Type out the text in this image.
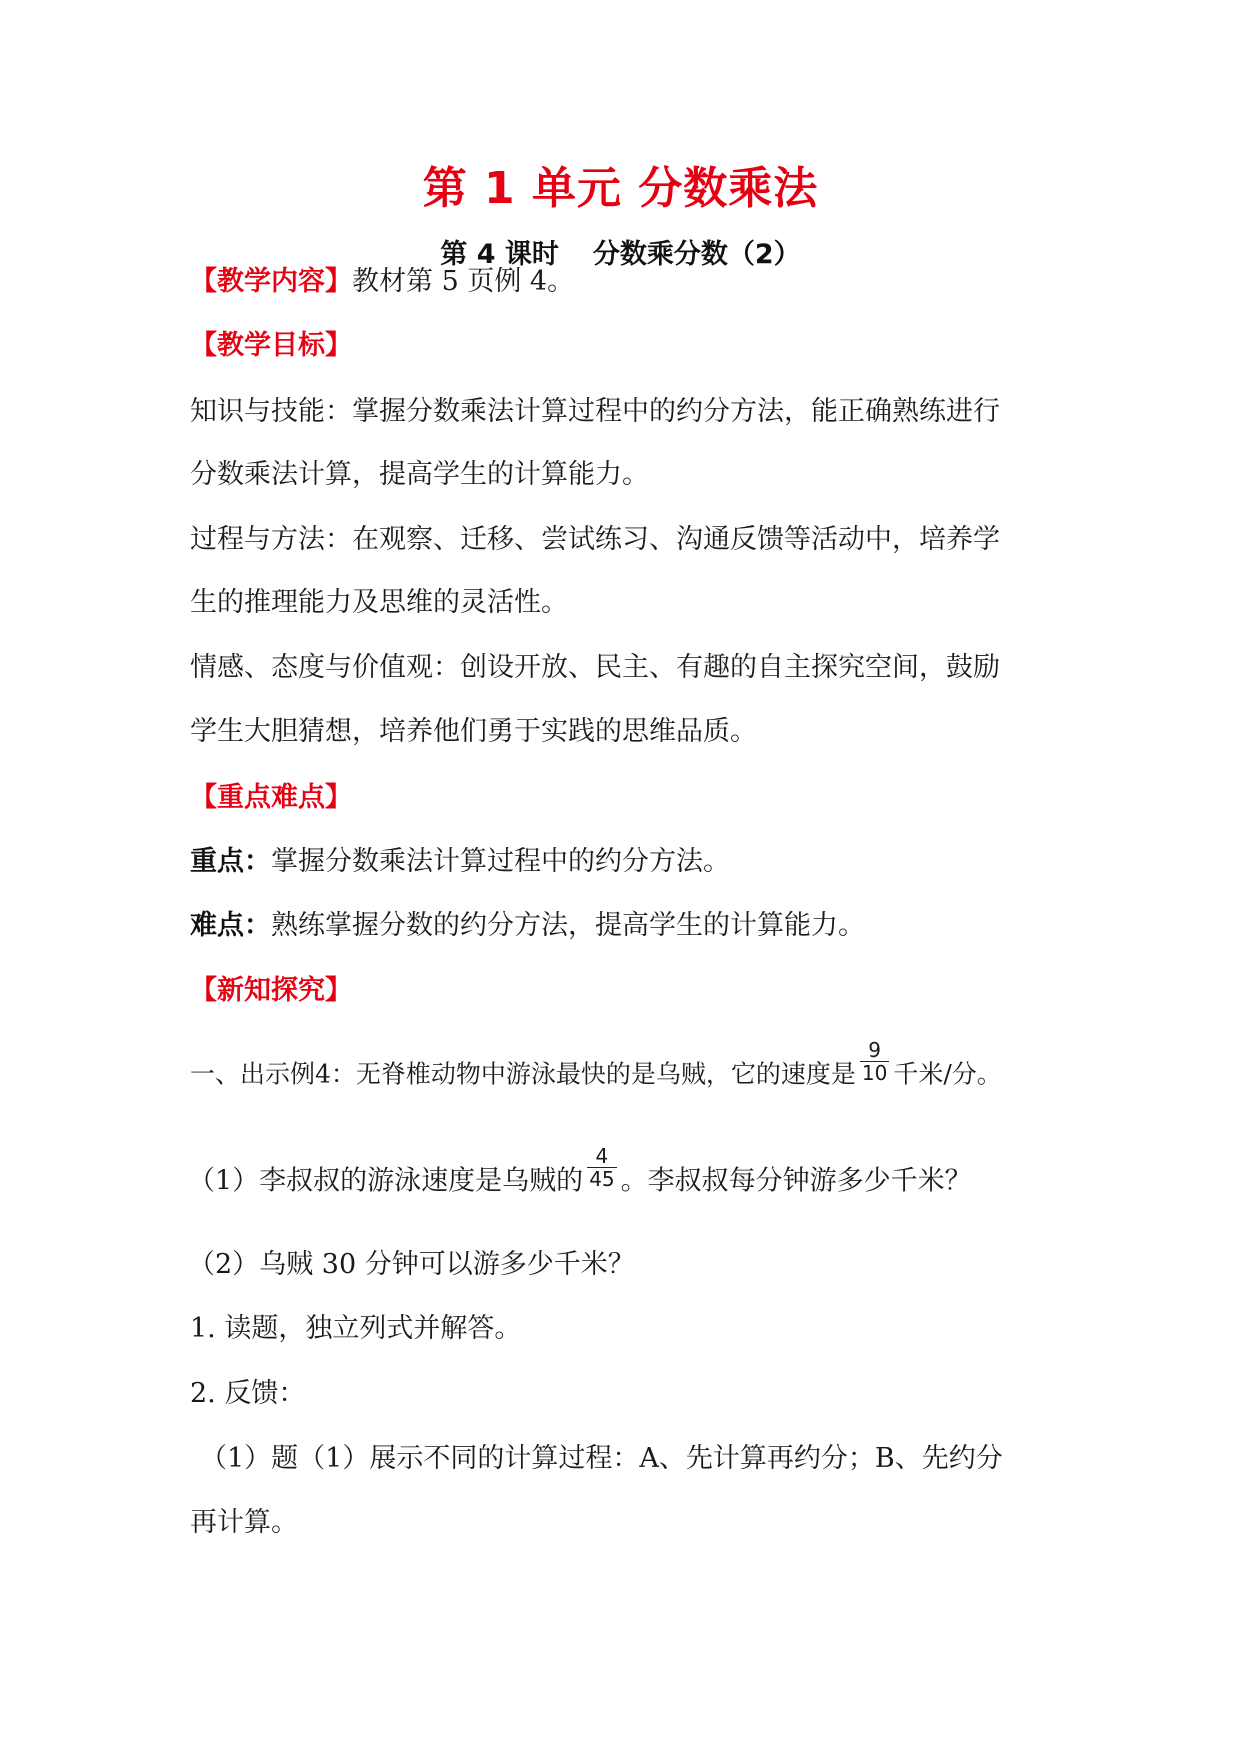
第 1 单元 分数乘法
第 4 课时 分数乘分数（2）
【教学内容】教材第 5 页例 4。
【教学目标】
知识与技能：掌握分数乘法计算过程中的约分方法，能正确熟练进行
分数乘法计算，提高学生的计算能力。
过程与方法：在观察、迁移、尝试练习、沟通反馈等活动中，培养学
生的推理能力及思维的灵活性。
情感、态度与价值观：创设开放、民主、有趣的自主探究空间，鼓励
学生大胆猜想，培养他们勇于实践的思维品质。
【重点难点】
重点：掌握分数乘法计算过程中的约分方法。
难点：熟练掌握分数的约分方法，提高学生的计算能力。
【新知探究】
一、出示例4：无脊椎动物中游泳最快的是乌贼，它的速度是 $\frac{9}{10}$ 千米/分。
（1）李叔叔的游泳速度是乌贼的 $\frac{4}{45}$ 。李叔叔每分钟游多少千米？
（2）乌贼 30 分钟可以游多少千米？
1. 读题，独立列式并解答。
2. 反馈：
（1）题（1）展示不同的计算过程：A、先计算再约分；B、先约分
再计算。
